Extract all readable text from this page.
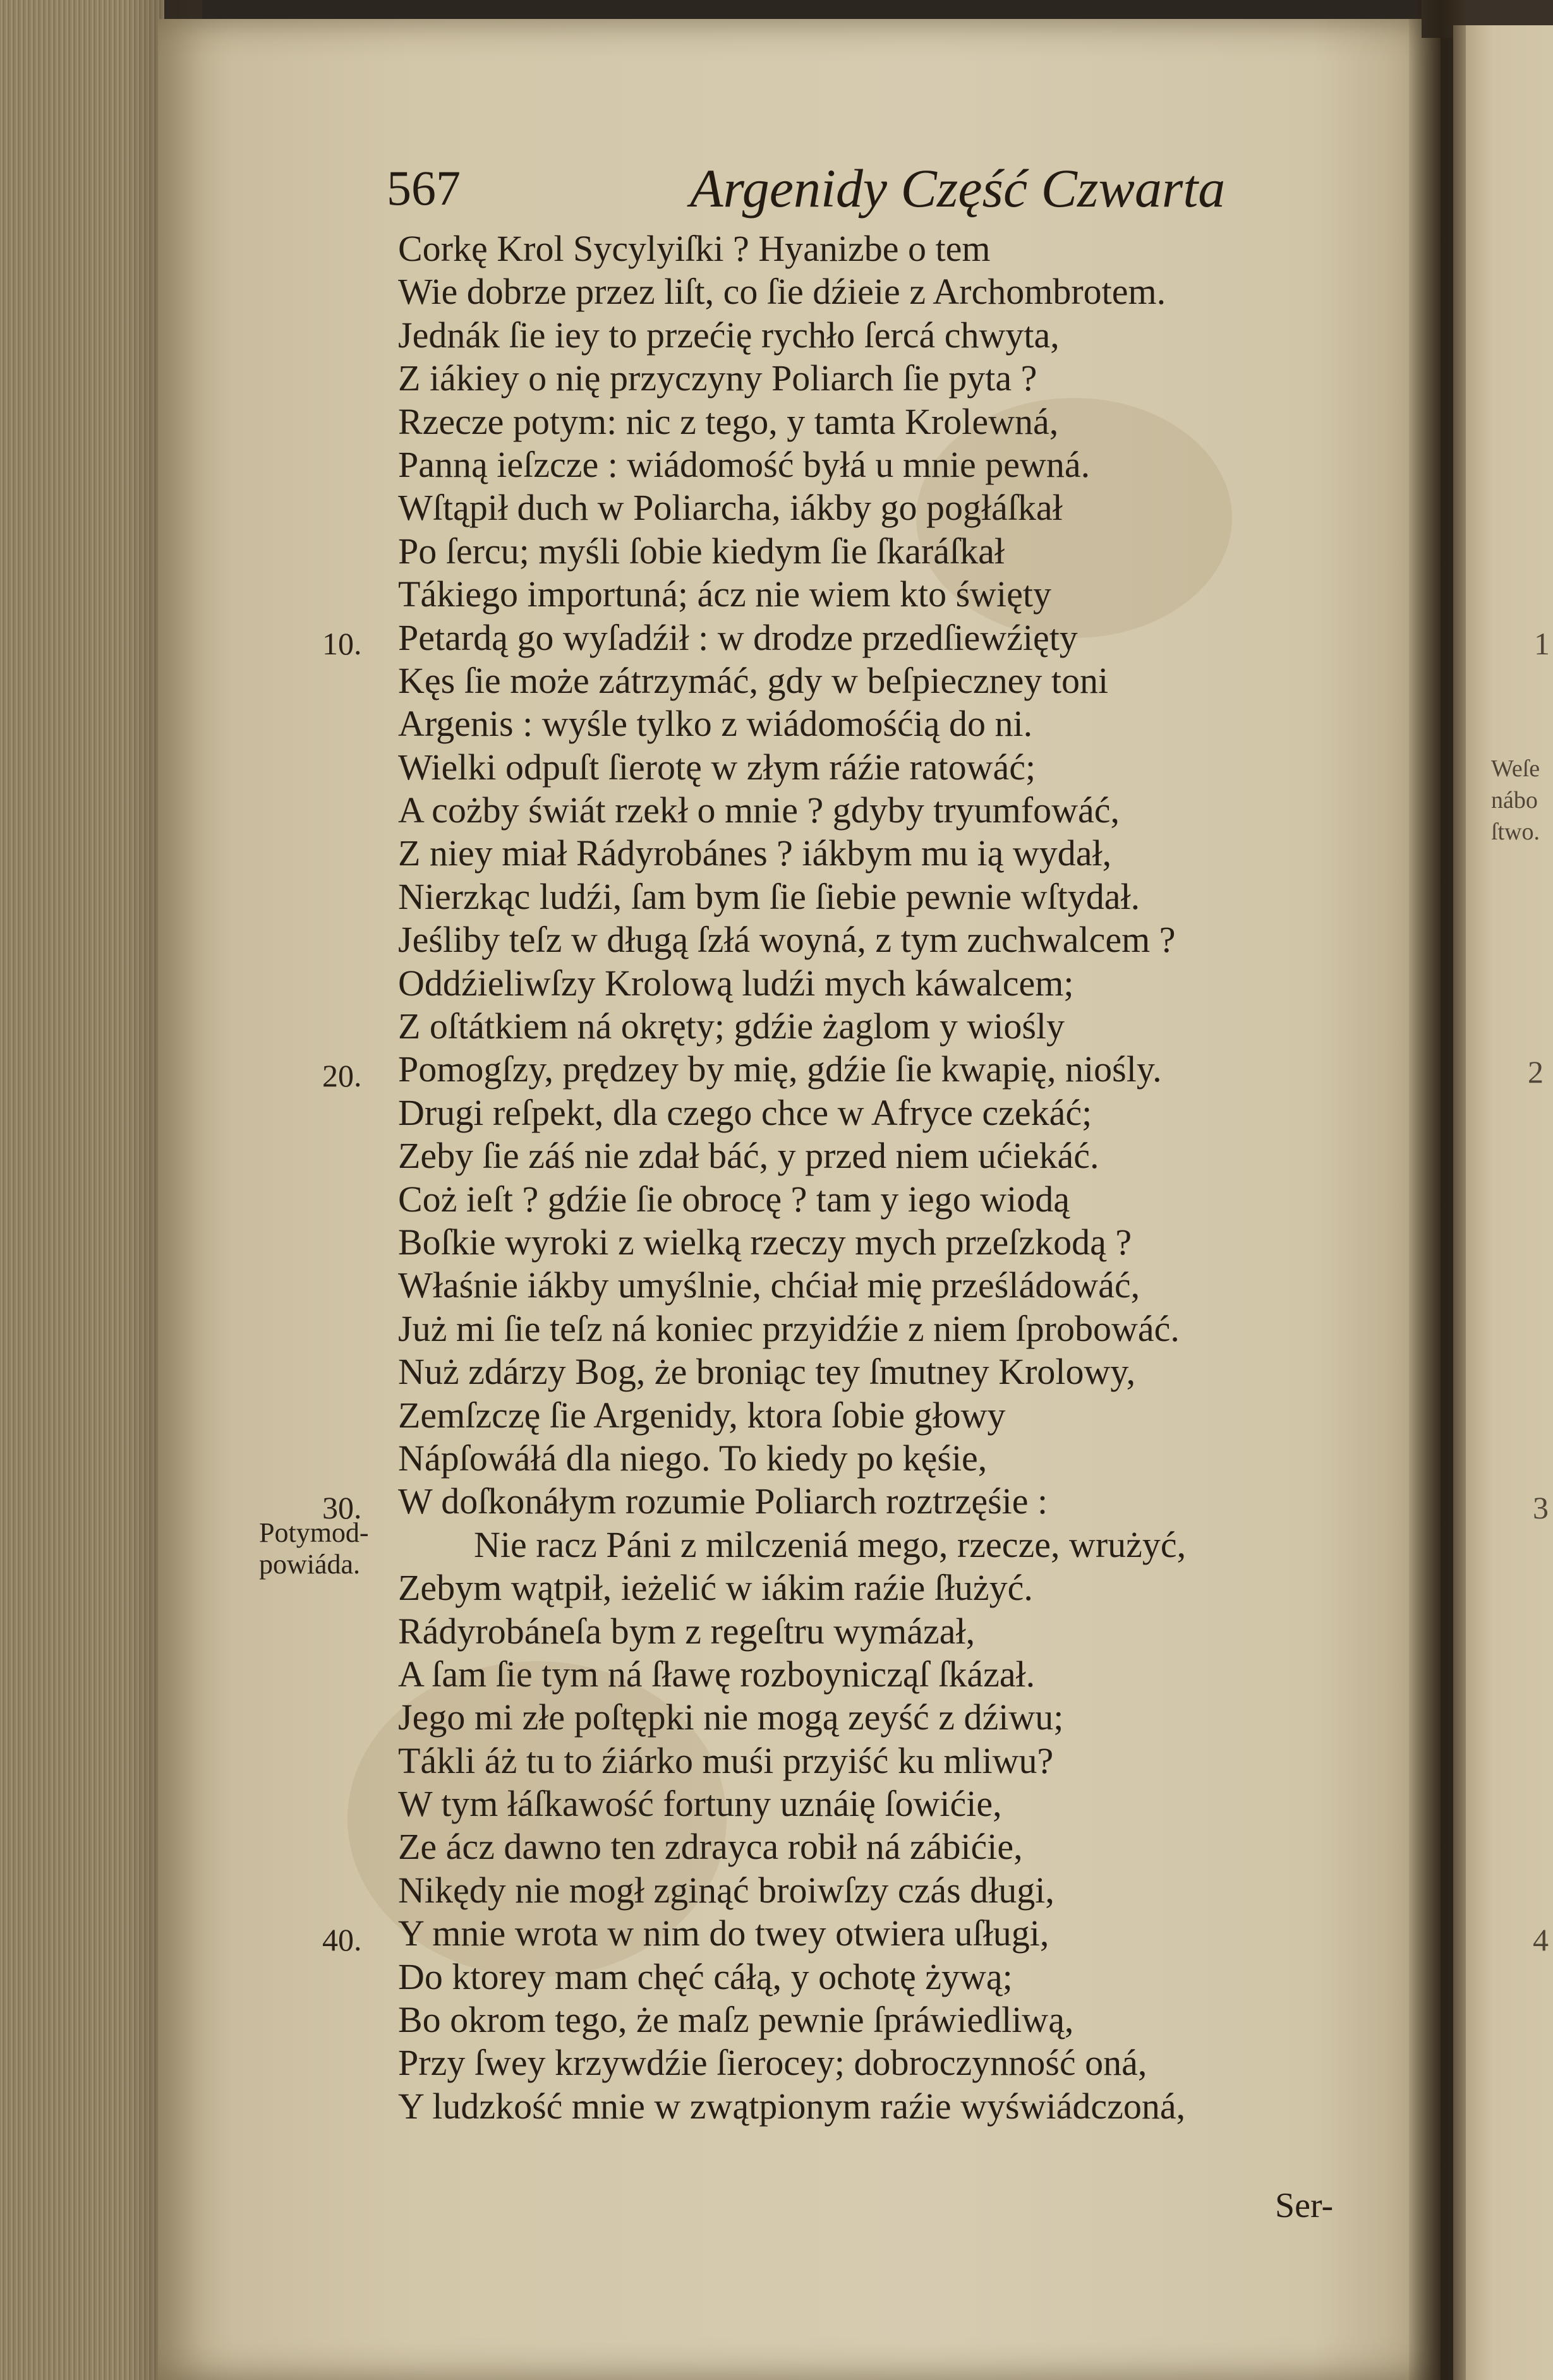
567	Argenidy Część Czwarta
Corkę Krol Sycylyiſki ? Hyanizbe o tem
Wie dobrze przez liſt, co ſie dźieie z Archombrotem.
Jednák ſie iey to przećię rychło ſercá chwyta,
Z iákiey o nię przyczyny Poliarch ſie pyta ?
Rzecze potym: nic z tego, y tamta Krolewná,
Panną ieſzcze : wiádomość byłá u mnie pewná.
Wſtąpił duch w Poliarcha, iákby go pogłáſkał
Po ſercu; myśli ſobie kiedym ſie ſkaráſkał
Tákiego importuná; ácz nie wiem kto święty
Petardą go wyſadźił : w drodze przedſiewźięty
Kęs ſie może zátrzymáć, gdy w beſpieczney toni
Argenis : wyśle tylko z wiádomośćią do ni.
Wielki odpuſt ſierotę w złym ráźie ratowáć;
A cożby świát rzekł o mnie ? gdyby tryumfowáć,
Z niey miał Rádyrobánes ? iákbym mu ią wydał,
Nierzkąc ludźi, ſam bym ſie ſiebie pewnie wſtydał.
Jeśliby teſz w długą ſzłá woyná, z tym zuchwalcem ?
Oddźieliwſzy Krolową ludźi mych káwalcem;
Z oſtátkiem ná okręty; gdźie żaglom y wiośly
Pomogſzy, prędzey by mię, gdźie ſie kwapię, niośly.
Drugi reſpekt, dla czego chce w Afryce czekáć;
Zeby ſie záś nie zdał báć, y przed niem ućiekáć.
Coż ieſt ? gdźie ſie obrocę ? tam y iego wiodą
Boſkie wyroki z wielką rzeczy mych przeſzkodą ?
Właśnie iákby umyślnie, chćiał mię prześládowáć,
Już mi ſie teſz ná koniec przyidźie z niem ſprobowáć.
Nuż zdárzy Bog, że broniąc tey ſmutney Krolowy,
Zemſzczę ſie Argenidy, ktora ſobie głowy
Nápſowáłá dla niego. To kiedy po kęśie,
W doſkonáłym rozumie Poliarch roztrzęśie :
Nie racz Páni z milczeniá mego, rzecze, wrużyć,
Zebym wątpił, ieżelić w iákim raźie ſłużyć.
Rádyrobáneſa bym z regeſtru wymázał,
A ſam ſie tym ná ſławę rozboynicząſ ſkázał.
Jego mi złe poſtępki nie mogą zeyść z dźiwu;
Tákli áż tu to źiárko muśi przyiść ku mliwu?
W tym łáſkawość fortuny uznáię ſowićie,
Ze ácz dawno ten zdrayca robił ná zábićie,
Nikędy nie mogł zginąć broiwſzy czás długi,
Y mnie wrota w nim do twey otwiera uſługi,
Do ktorey mam chęć cáłą, y ochotę żywą;
Bo okrom tego, że maſz pewnie ſpráwiedliwą,
Przy ſwey krzywdźie ſierocey; dobroczynność oná,
Y ludzkość mnie w zwątpionym raźie wyświádczoná,
10.
20.
30.
40.
Potymod-
powiáda.
Ser-
1
Weſe
nábo
ſtwo.
2
3
4
